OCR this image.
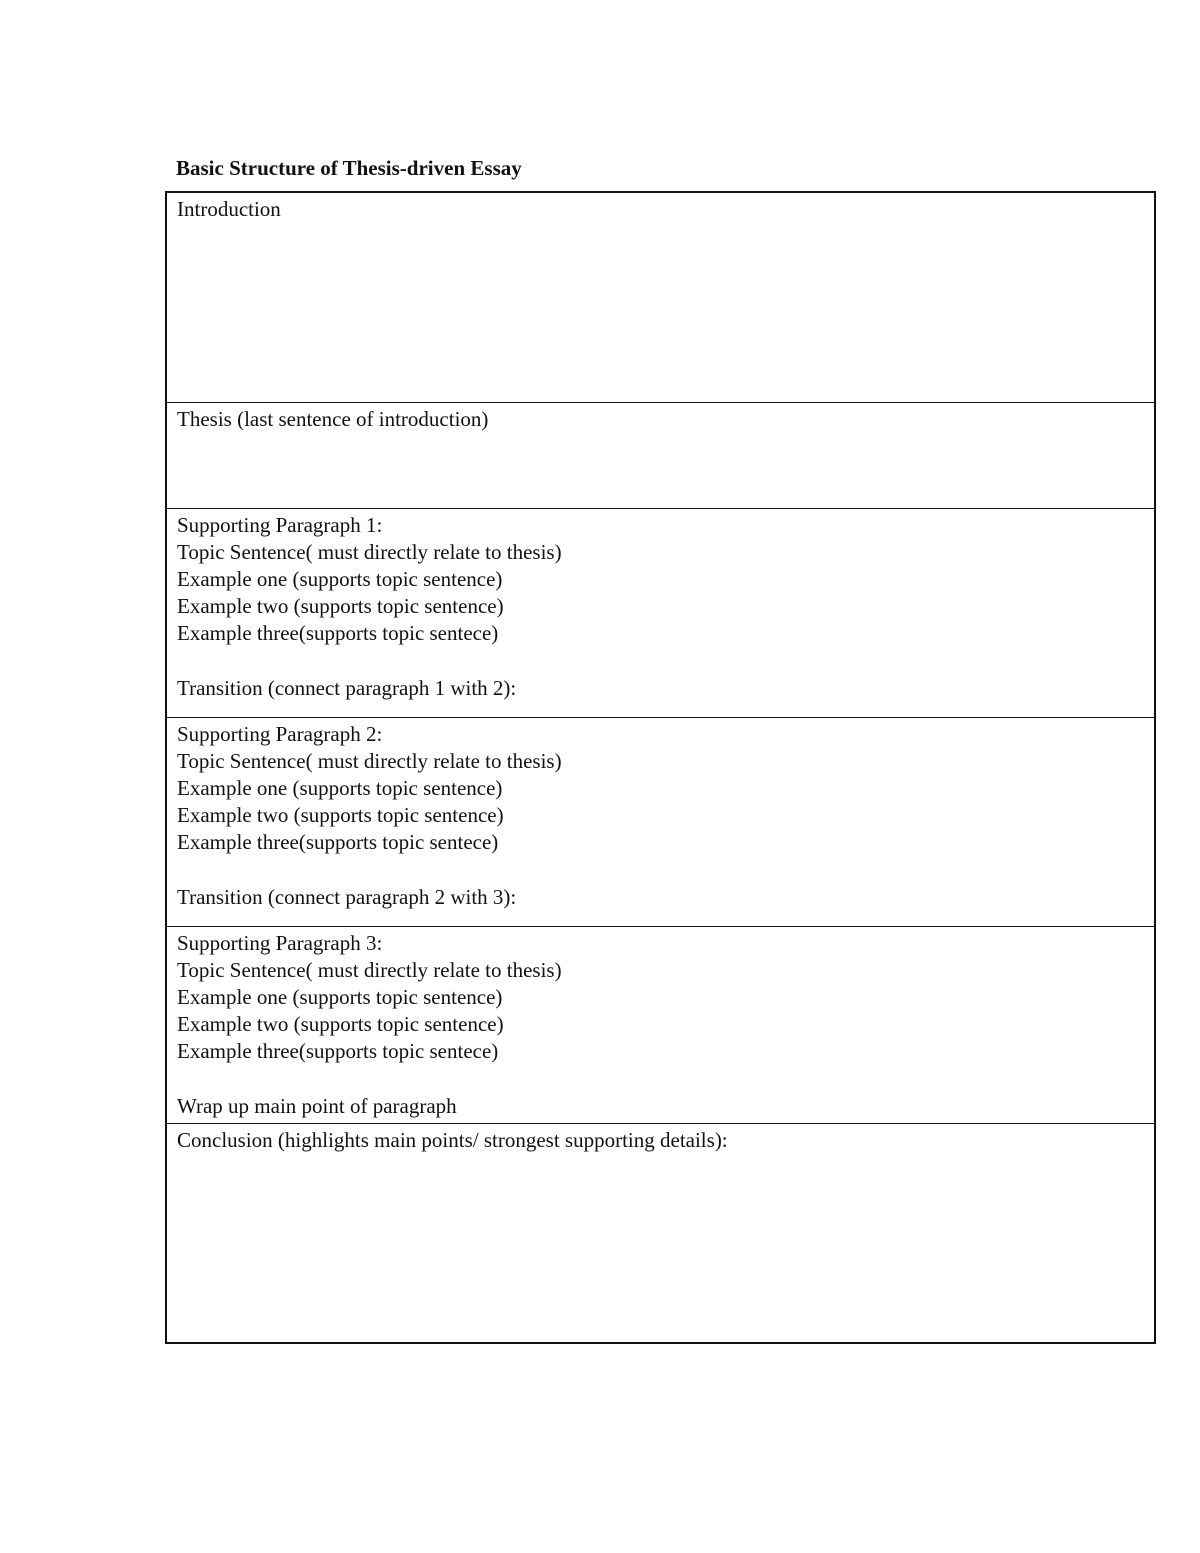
Basic Structure of Thesis-driven Essay
Introduction

Thesis (last sentence of introduction)

Supporting Paragraph 1:
Topic Sentence( must directly relate to thesis)
Example one (supports topic sentence)
Example two (supports topic sentence)
Example three(supports topic sentece)
Transition (connect paragraph 1 with 2):

Supporting Paragraph 2:
Topic Sentence( must directly relate to thesis)
Example one (supports topic sentence)
Example two (supports topic sentence)
Example three(supports topic sentece)
Transition (connect paragraph 2 with 3):

Supporting Paragraph 3:
Topic Sentence( must directly relate to thesis)
Example one (supports topic sentence)
Example two (supports topic sentence)
Example three(supports topic sentece)
Wrap up main point of paragraph

Conclusion (highlights main points/ strongest supporting details):
